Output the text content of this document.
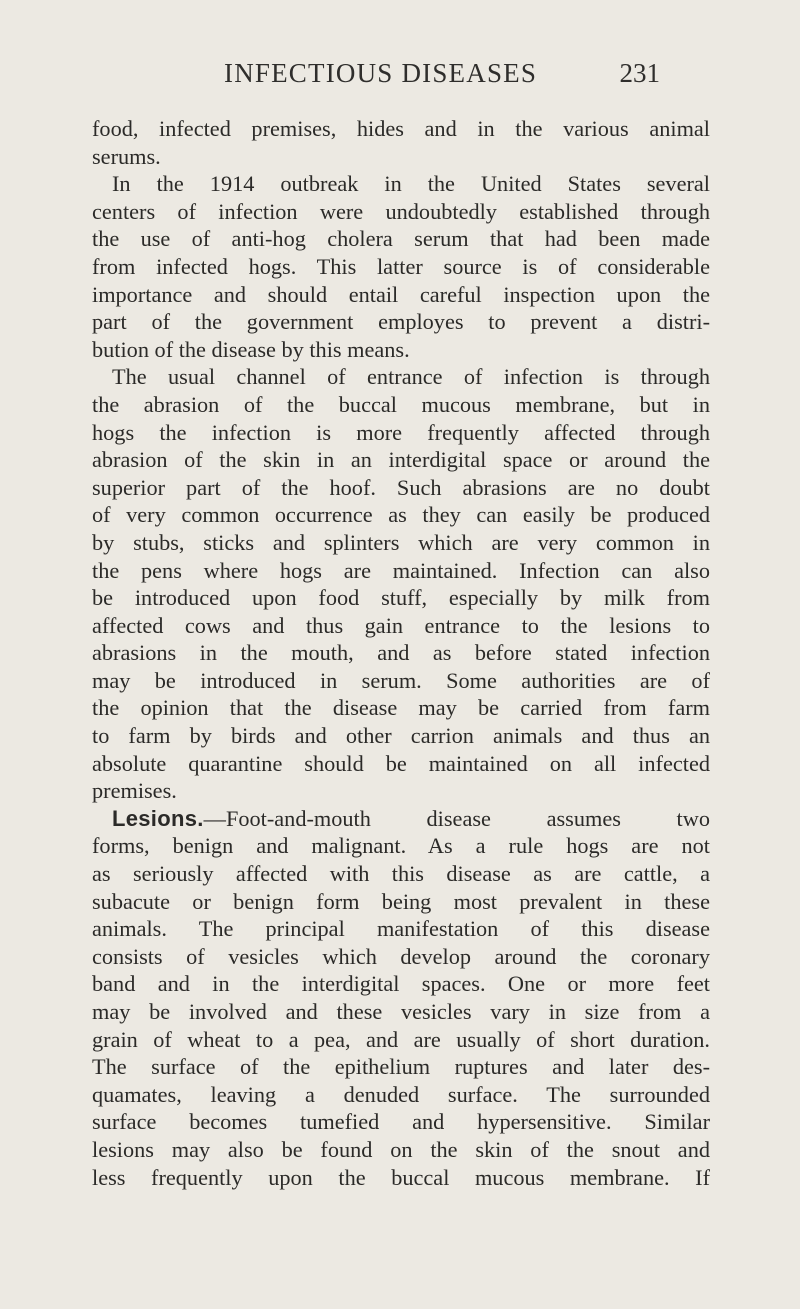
INFECTIOUS DISEASES	231
food, infected premises, hides and in the various animal
serums.
In the 1914 outbreak in the United States several
centers of infection were undoubtedly established through
the use of anti-hog cholera serum that had been made
from infected hogs. This latter source is of considerable
importance and should entail careful inspection upon the
part of the government employes to prevent a distri-
bution of the disease by this means.
The usual channel of entrance of infection is through
the abrasion of the buccal mucous membrane, but in
hogs the infection is more frequently affected through
abrasion of the skin in an interdigital space or around the
superior part of the hoof. Such abrasions are no doubt
of very common occurrence as they can easily be produced
by stubs, sticks and splinters which are very common in
the pens where hogs are maintained. Infection can also
be introduced upon food stuff, especially by milk from
affected cows and thus gain entrance to the lesions to
abrasions in the mouth, and as before stated infection
may be introduced in serum. Some authorities are of
the opinion that the disease may be carried from farm
to farm by birds and other carrion animals and thus an
absolute quarantine should be maintained on all infected
premises.
Lesions.—Foot-and-mouth disease assumes two
forms, benign and malignant. As a rule hogs are not
as seriously affected with this disease as are cattle, a
subacute or benign form being most prevalent in these
animals. The principal manifestation of this disease
consists of vesicles which develop around the coronary
band and in the interdigital spaces. One or more feet
may be involved and these vesicles vary in size from a
grain of wheat to a pea, and are usually of short duration.
The surface of the epithelium ruptures and later des-
quamates, leaving a denuded surface. The surrounded
surface becomes tumefied and hypersensitive. Similar
lesions may also be found on the skin of the snout and
less frequently upon the buccal mucous membrane. If
